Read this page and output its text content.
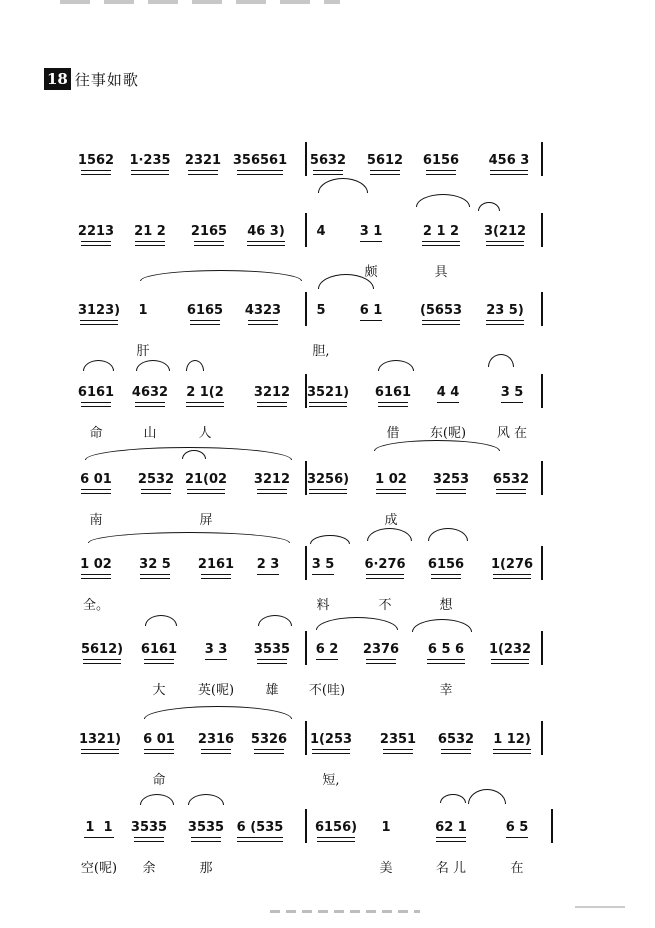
18 往事如歌
1562 1·235 2321 356561 5632 5612 6156 456 3
2213 21 2 2165 46 3) 4	3 1	2 1 2 3(212
颇	具
3123) 1	6165 4323	5	6 1	(5653 23 5)
肝	胆,
6161 4632 2 1(2 3212 3521) 6161 4 4	3 5
命	山	人	借 东(呢) 风 在
6 01 2532 21(02 3212 3256) 1 02 3253 6532
南	屏	成
1 02 32 5 2161 2 3 3 5 6·276 6156 1(276
全。	料	不	想
5612) 6161 3 3 3535 6 2 2376 6 5 6 1(232
大 英(呢) 雄 不(哇)	幸
1321) 6 01 2316 5326 1(253 2351 6532 1 12)
命	短,
1  1 3535 3535 6 (535 6156) 1	62 1	6 5
空(呢) 余	那	美	名 儿	在
